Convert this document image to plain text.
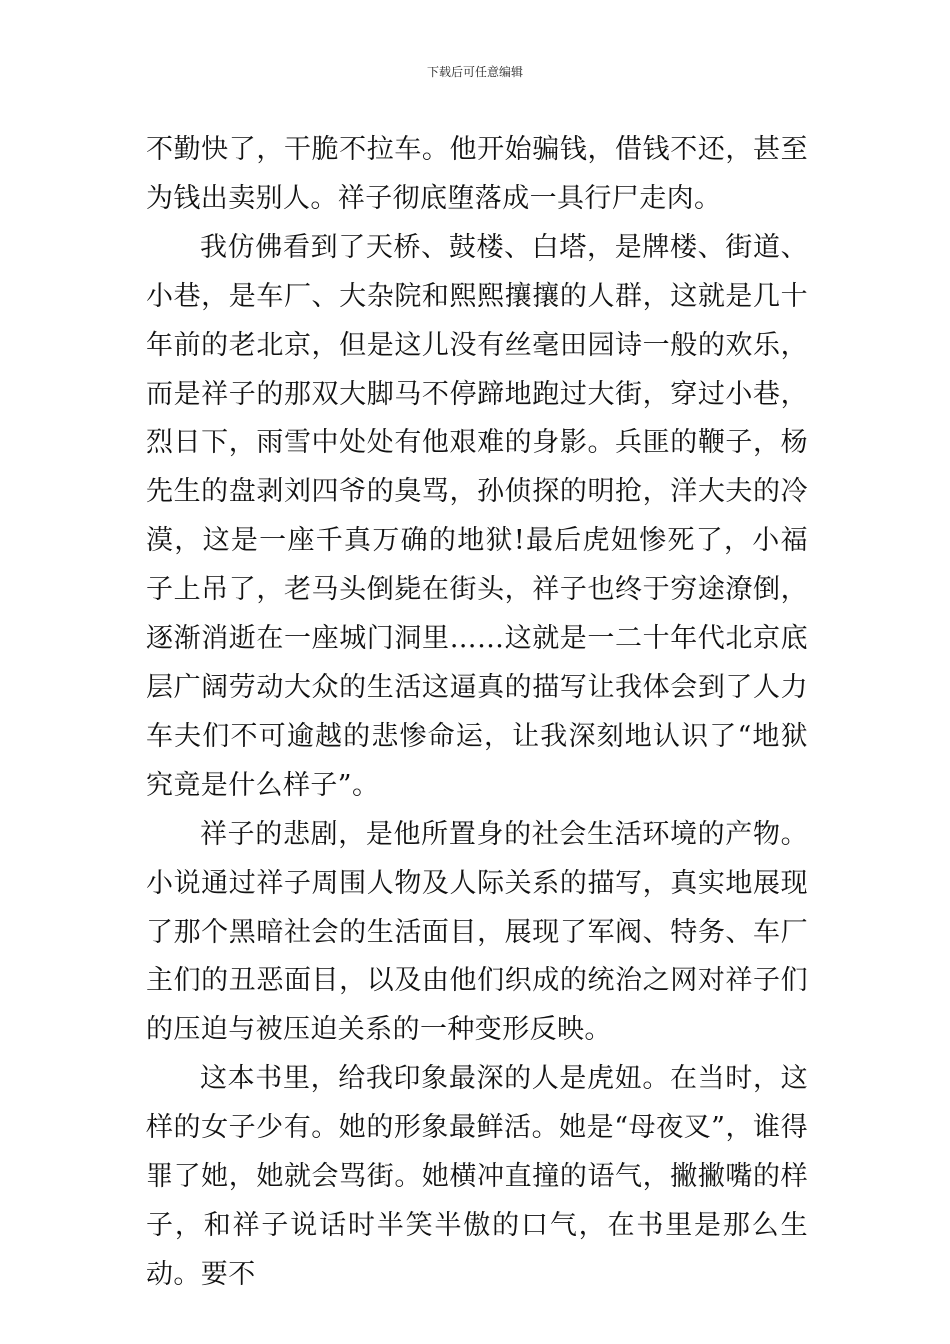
下载后可任意编辑

不勤快了，干脆不拉车。他开始骗钱，借钱不还，甚至为钱出卖别人。祥子彻底堕落成一具行尸走肉。

我仿佛看到了天桥、鼓楼、白塔，是牌楼、街道、小巷，是车厂、大杂院和熙熙攘攘的人群，这就是几十年前的老北京，但是这儿没有丝毫田园诗一般的欢乐，而是祥子的那双大脚马不停蹄地跑过大街，穿过小巷，烈日下，雨雪中处处有他艰难的身影。兵匪的鞭子，杨先生的盘剥刘四爷的臭骂，孙侦探的明抢，洋大夫的冷漠，这是一座千真万确的地狱!最后虎妞惨死了，小福子上吊了，老马头倒毙在街头，祥子也终于穷途潦倒，逐渐消逝在一座城门洞里……这就是一二十年代北京底层广阔劳动大众的生活这逼真的描写让我体会到了人力车夫们不可逾越的悲惨命运，让我深刻地认识了“地狱究竟是什么样子”。

祥子的悲剧，是他所置身的社会生活环境的产物。小说通过祥子周围人物及人际关系的描写，真实地展现了那个黑暗社会的生活面目，展现了军阀、特务、车厂主们的丑恶面目，以及由他们织成的统治之网对祥子们的压迫与被压迫关系的一种变形反映。

这本书里，给我印象最深的人是虎妞。在当时，这样的女子少有。她的形象最鲜活。她是“母夜叉”，谁得罪了她，她就会骂街。她横冲直撞的语气，撇撇嘴的样子，和祥子说话时半笑半傲的口气，在书里是那么生动。要不
